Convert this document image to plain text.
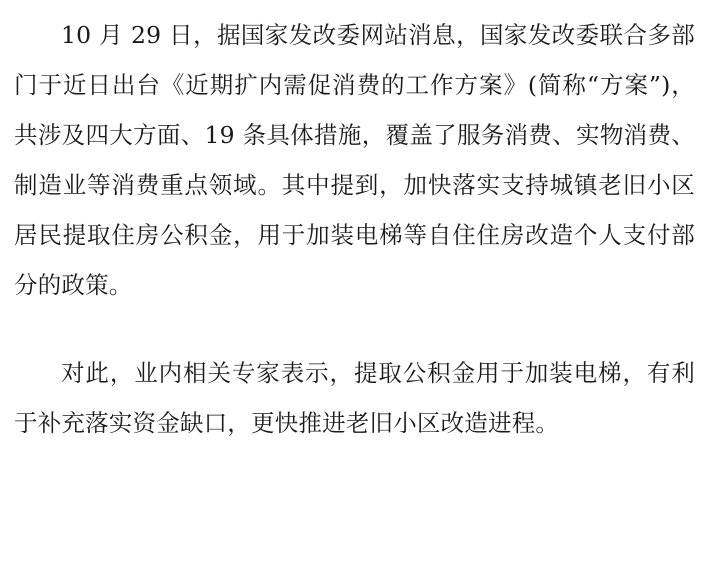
10 月 29 日，据国家发改委网站消息，国家发改委联合多部门于近日出台《近期扩内需促消费的工作方案》(简称“方案”)，共涉及四大方面、19 条具体措施，覆盖了服务消费、实物消费、制造业等消费重点领域。其中提到，加快落实支持城镇老旧小区居民提取住房公积金，用于加装电梯等自住住房改造个人支付部分的政策。

对此，业内相关专家表示，提取公积金用于加装电梯，有利于补充落实资金缺口，更快推进老旧小区改造进程。
